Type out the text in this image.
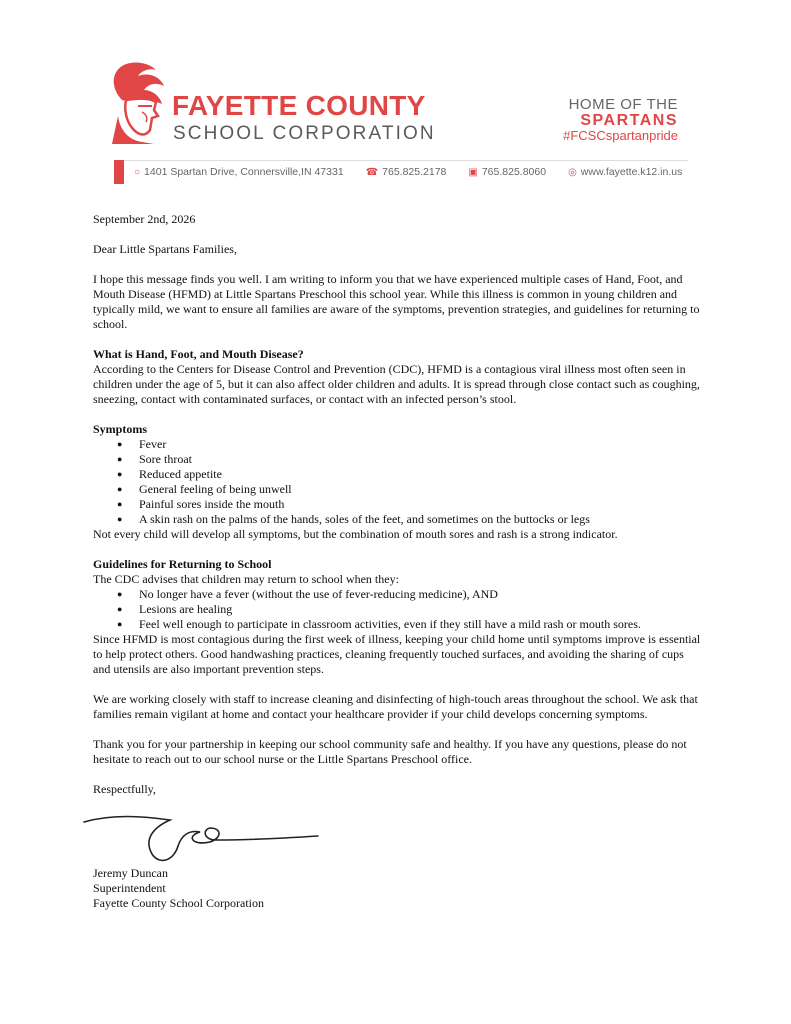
FAYETTE COUNTY
SCHOOL CORPORATION
HOME OF THE
SPARTANS
#FCSCspartanpride
○ 1401 Spartan Drive, Connersville,IN 47331 ☎ 765.825.2178 ▣ 765.825.8060 ◎ www.fayette.k12.in.us

September 2nd, 2026

Dear Little Spartans Families,

I hope this message finds you well. I am writing to inform you that we have experienced multiple cases of Hand, Foot, and Mouth Disease (HFMD) at Little Spartans Preschool this school year. While this illness is common in young children and typically mild, we want to ensure all families are aware of the symptoms, prevention strategies, and guidelines for returning to school.

What is Hand, Foot, and Mouth Disease?

According to the Centers for Disease Control and Prevention (CDC), HFMD is a contagious viral illness most often seen in children under the age of 5, but it can also affect older children and adults. It is spread through close contact such as coughing, sneezing, contact with contaminated surfaces, or contact with an infected person’s stool.

Symptoms

● Fever
● Sore throat
● Reduced appetite
● General feeling of being unwell
● Painful sores inside the mouth
● A skin rash on the palms of the hands, soles of the feet, and sometimes on the buttocks or legs

Not every child will develop all symptoms, but the combination of mouth sores and rash is a strong indicator.

Guidelines for Returning to School

The CDC advises that children may return to school when they:

● No longer have a fever (without the use of fever-reducing medicine), AND
● Lesions are healing
● Feel well enough to participate in classroom activities, even if they still have a mild rash or mouth sores.

Since HFMD is most contagious during the first week of illness, keeping your child home until symptoms improve is essential to help protect others. Good handwashing practices, cleaning frequently touched surfaces, and avoiding the sharing of cups and utensils are also important prevention steps.

We are working closely with staff to increase cleaning and disinfecting of high-touch areas throughout the school. We ask that families remain vigilant at home and contact your healthcare provider if your child develops concerning symptoms.

Thank you for your partnership in keeping our school community safe and healthy. If you have any questions, please do not hesitate to reach out to our school nurse or the Little Spartans Preschool office.

Respectfully,

Jeremy Duncan
Superintendent
Fayette County School Corporation
